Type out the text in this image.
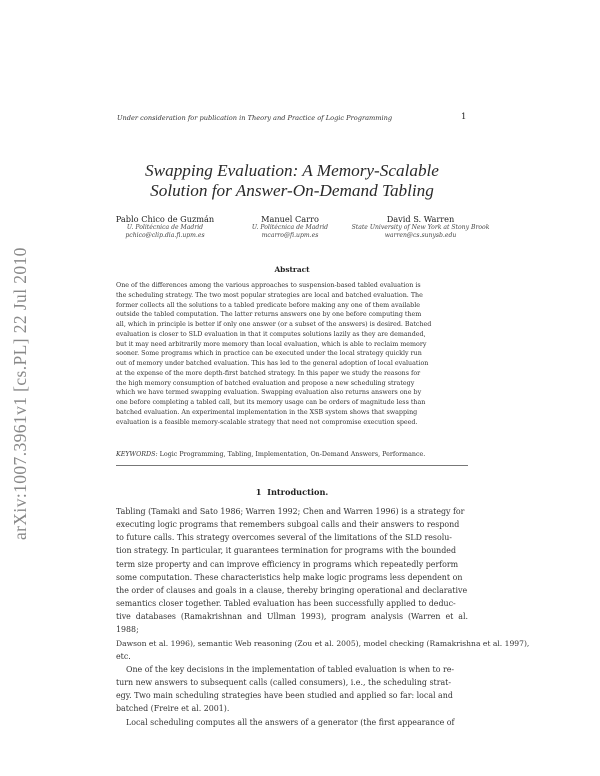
Under consideration for publication in Theory and Practice of Logic Programming	1
arXiv:1007.3961v1 [cs.PL] 22 Jul 2010
Swapping Evaluation: A Memory-Scalable
Solution for Answer-On-Demand Tabling
Pablo Chico de Guzmán
U. Politécnica de Madrid
pchico@clip.dia.fi.upm.es
Manuel Carro
U. Politécnica de Madrid
mcarro@fi.upm.es
David S. Warren
State University of New York at Stony Brook
warren@cs.sunysb.edu
Abstract
One of the differences among the various approaches to suspension-based tabled evaluation is
the scheduling strategy. The two most popular strategies are local and batched evaluation. The
former collects all the solutions to a tabled predicate before making any one of them available
outside the tabled computation. The latter returns answers one by one before computing them
all, which in principle is better if only one answer (or a subset of the answers) is desired. Batched
evaluation is closer to SLD evaluation in that it computes solutions lazily as they are demanded,
but it may need arbitrarily more memory than local evaluation, which is able to reclaim memory
sooner. Some programs which in practice can be executed under the local strategy quickly run
out of memory under batched evaluation. This has led to the general adoption of local evaluation
at the expense of the more depth-first batched strategy. In this paper we study the reasons for
the high memory consumption of batched evaluation and propose a new scheduling strategy
which we have termed swapping evaluation. Swapping evaluation also returns answers one by
one before completing a tabled call, but its memory usage can be orders of magnitude less than
batched evaluation. An experimental implementation in the XSB system shows that swapping
evaluation is a feasible memory-scalable strategy that need not compromise execution speed.
KEYWORDS: Logic Programming, Tabling, Implementation, On-Demand Answers, Performance.
1 Introduction.

Tabling (Tamaki and Sato 1986; Warren 1992; Chen and Warren 1996) is a strategy for

executing logic programs that remembers subgoal calls and their answers to respond

to future calls. This strategy overcomes several of the limitations of the SLD resolu-

tion strategy. In particular, it guarantees termination for programs with the bounded

term size property and can improve efficiency in programs which repeatedly perform

some computation. These characteristics help make logic programs less dependent on

the order of clauses and goals in a clause, thereby bringing operational and declarative

semantics closer together. Tabled evaluation has been successfully applied to deduc-

tive databases (Ramakrishnan and Ullman 1993), program analysis (Warren et al. 1988;

Dawson et al. 1996), semantic Web reasoning (Zou et al. 2005), model checking (Ramakrishna et al. 1997),

etc.

One of the key decisions in the implementation of tabled evaluation is when to re-

turn new answers to subsequent calls (called consumers), i.e., the scheduling strat-

egy. Two main scheduling strategies have been studied and applied so far: local and

batched (Freire et al. 2001).

Local scheduling computes all the answers of a generator (the first appearance of
